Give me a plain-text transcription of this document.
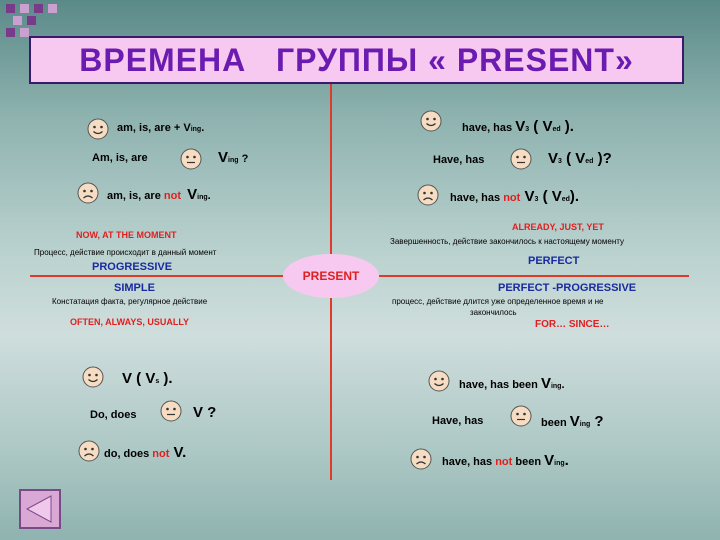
ВРЕМЕНА   ГРУППЫ « PRESENT»
PRESENT
am, is, are + Ving.
Am, is, are	Ving ?
am, is, are not Ving.
NOW, AT THE MOMENT
Процесс, действие происходит в данный момент
PROGRESSIVE
have, has V3 ( Ved ).
Have, has	V3 ( Ved )?
have, has not V3 ( Ved).
ALREADY, JUST, YET
Завершенность, действие закончилось к настоящему моменту
PERFECT
SIMPLE
Констатация факта, регулярное действие
OFTEN, ALWAYS, USUALLY
V ( Vs ).
Do, does	V ?
do, does not V.
PERFECT -PROGRESSIVE
процесс, действие длится уже определенное время и не
закончилось
FOR… SINCE…
have, has been Ving.
Have, has	been Ving ?
have, has not been Ving.
